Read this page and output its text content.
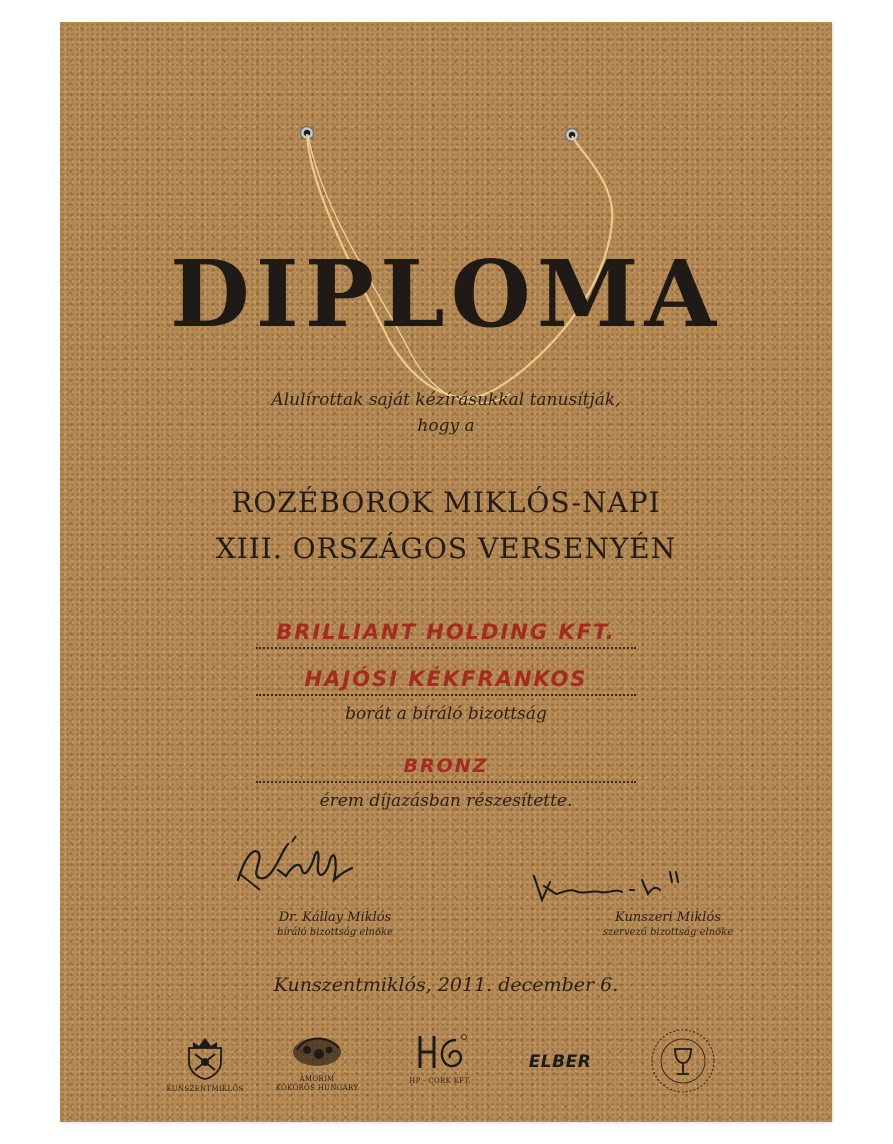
DIPLOMA
Alulírottak saját kézírásukkal tanusítják,
hogy a
ROZÉBOROK MIKLÓS-NAPI
XIII. ORSZÁGOS VERSENYÉN
BRILLIANT HOLDING KFT.
HAJÓSI KÉKFRANKOS
borát a bíráló bizottság
BRONZ
érem díjazásban részesítette.
Dr. Kállay Miklós
bíráló bizottság elnöke
Kunszeri Miklós
szervező bizottság elnöke
Kunszentmiklós, 2011. december 6.
KUNSZENTMIKLÓS
AMORIM
KÖKÖRÖS HUNGARY
HP - CORK KFT.
ELBER
